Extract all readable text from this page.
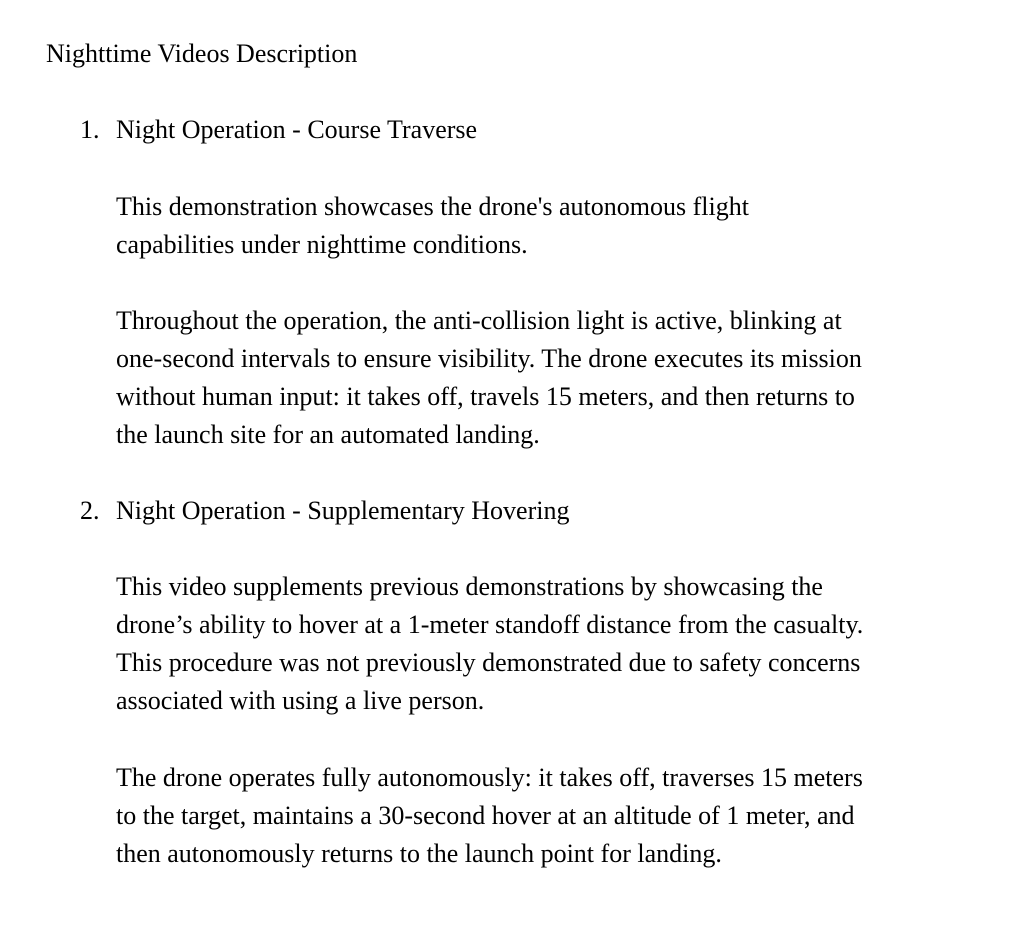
Nighttime Videos Description
1. Night Operation - Course Traverse

This demonstration showcases the drone's autonomous flight
capabilities under nighttime conditions.

Throughout the operation, the anti-collision light is active, blinking at
one-second intervals to ensure visibility. The drone executes its mission
without human input: it takes off, travels 15 meters, and then returns to
the launch site for an automated landing.

2. Night Operation - Supplementary Hovering

This video supplements previous demonstrations by showcasing the
drone’s ability to hover at a 1-meter standoff distance from the casualty.
This procedure was not previously demonstrated due to safety concerns
associated with using a live person.

The drone operates fully autonomously: it takes off, traverses 15 meters
to the target, maintains a 30-second hover at an altitude of 1 meter, and
then autonomously returns to the launch point for landing.
